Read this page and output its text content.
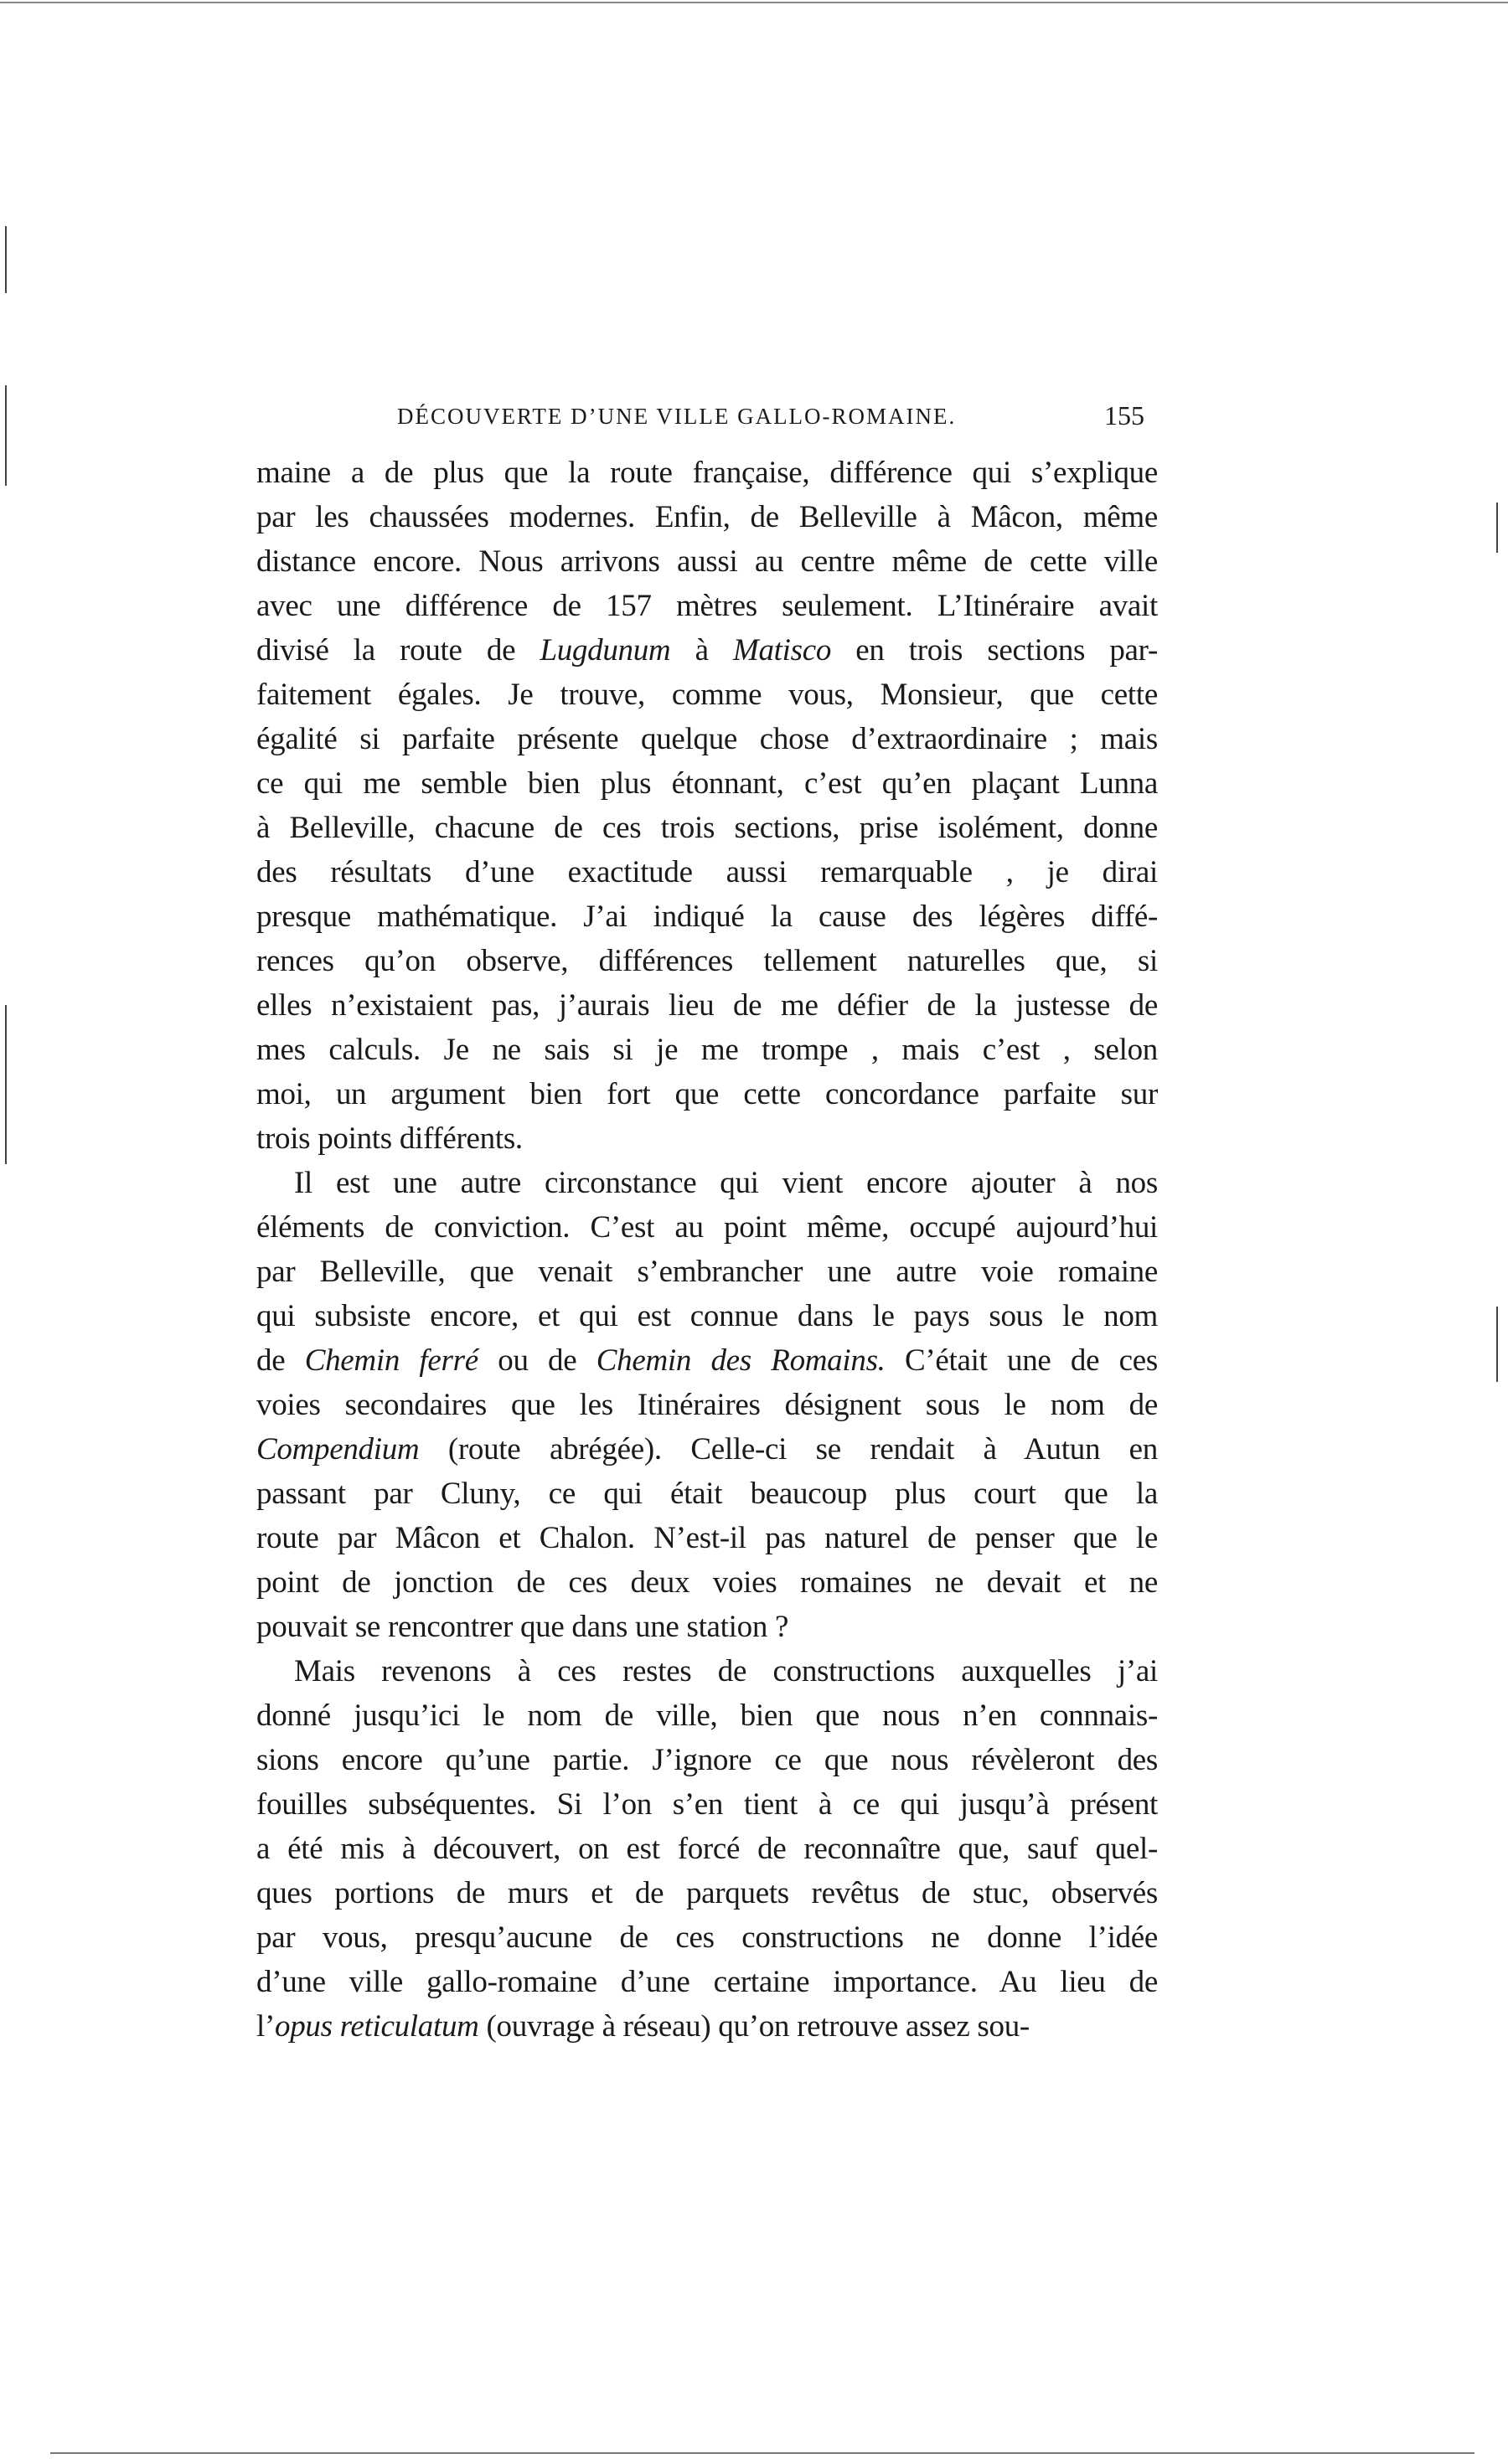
DÉCOUVERTE D’UNE VILLE GALLO-ROMAINE.	155
maine a de plus que la route française, différence qui s’explique
par les chaussées modernes. Enfin, de Belleville à Mâcon, même
distance encore. Nous arrivons aussi au centre même de cette ville
avec une différence de 157 mètres seulement. L’Itinéraire avait
divisé la route de Lugdunum à Matisco en trois sections par-
faitement égales. Je trouve, comme vous, Monsieur, que cette
égalité si parfaite présente quelque chose d’extraordinaire ; mais
ce qui me semble bien plus étonnant, c’est qu’en plaçant Lunna
à Belleville, chacune de ces trois sections, prise isolément, donne
des résultats d’une exactitude aussi remarquable , je dirai
presque mathématique. J’ai indiqué la cause des légères diffé-
rences qu’on observe, différences tellement naturelles que, si
elles n’existaient pas, j’aurais lieu de me défier de la justesse de
mes calculs. Je ne sais si je me trompe , mais c’est , selon
moi, un argument bien fort que cette concordance parfaite sur
trois points différents.
Il est une autre circonstance qui vient encore ajouter à nos
éléments de conviction. C’est au point même, occupé aujourd’hui
par Belleville, que venait s’embrancher une autre voie romaine
qui subsiste encore, et qui est connue dans le pays sous le nom
de Chemin ferré ou de Chemin des Romains. C’était une de ces
voies secondaires que les Itinéraires désignent sous le nom de
Compendium (route abrégée). Celle-ci se rendait à Autun en
passant par Cluny, ce qui était beaucoup plus court que la
route par Mâcon et Chalon. N’est-il pas naturel de penser que le
point de jonction de ces deux voies romaines ne devait et ne
pouvait se rencontrer que dans une station ?
Mais revenons à ces restes de constructions auxquelles j’ai
donné jusqu’ici le nom de ville, bien que nous n’en connnais-
sions encore qu’une partie. J’ignore ce que nous révèleront des
fouilles subséquentes. Si l’on s’en tient à ce qui jusqu’à présent
a été mis à découvert, on est forcé de reconnaître que, sauf quel-
ques portions de murs et de parquets revêtus de stuc, observés
par vous, presqu’aucune de ces constructions ne donne l’idée
d’une ville gallo-romaine d’une certaine importance. Au lieu de
l’opus reticulatum (ouvrage à réseau) qu’on retrouve assez sou-
